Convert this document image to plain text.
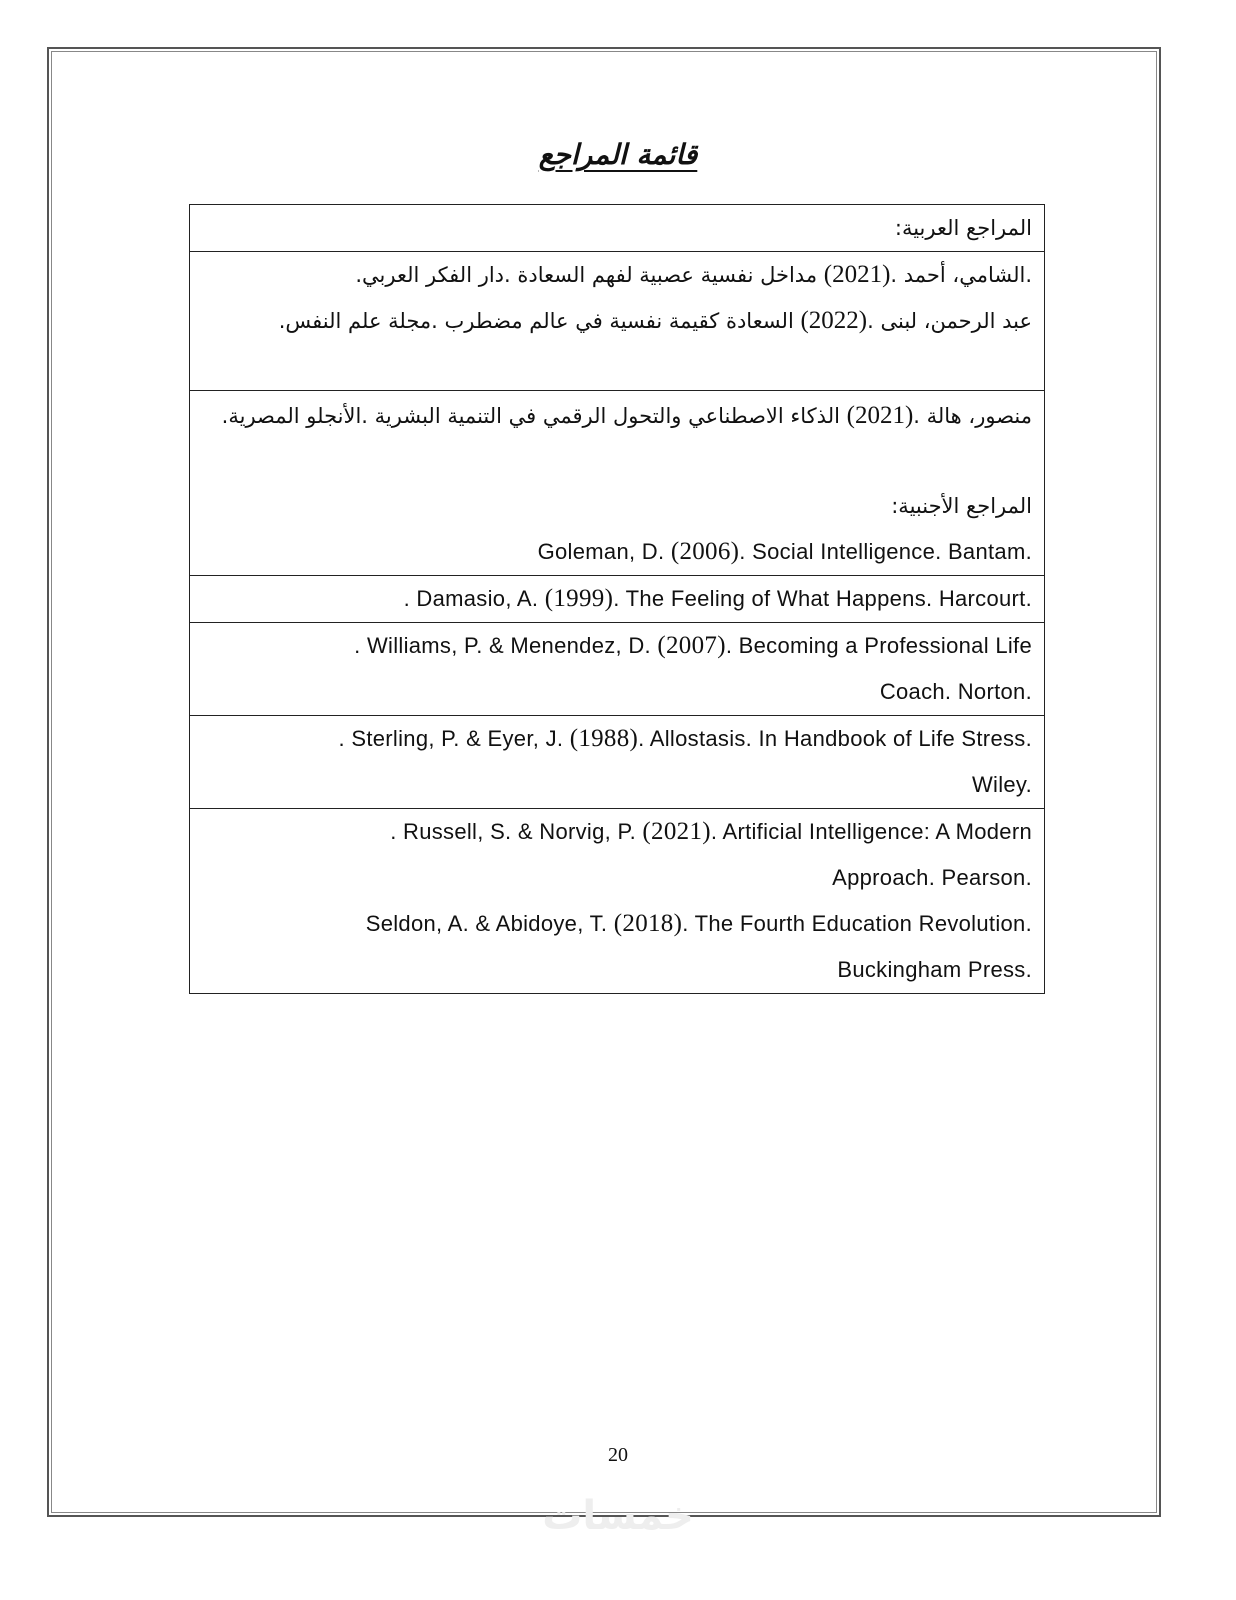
قائمة المراجع
المراجع العربية:

.الشامي، أحمد .(2021) مداخل نفسية عصبية لفهم السعادة .دار الفكر العربي.
عبد الرحمن، لبنى .(2022) السعادة كقيمة نفسية في عالم مضطرب .مجلة علم النفس.

منصور، هالة .(2021) الذكاء الاصطناعي والتحول الرقمي في التنمية البشرية .الأنجلو المصرية.
المراجع الأجنبية:
Goleman, D. (2006). Social Intelligence. Bantam.

. Damasio, A. (1999). The Feeling of What Happens. Harcourt.

. Williams, P. & Menendez, D. (2007). Becoming a Professional Life
Coach. Norton.

. Sterling, P. & Eyer, J. (1988). Allostasis. In Handbook of Life Stress.
Wiley.

. Russell, S. & Norvig, P. (2021). Artificial Intelligence: A Modern
Approach. Pearson.
Seldon, A. & Abidoye, T. (2018). The Fourth Education Revolution.
Buckingham Press.
20
خمسات
